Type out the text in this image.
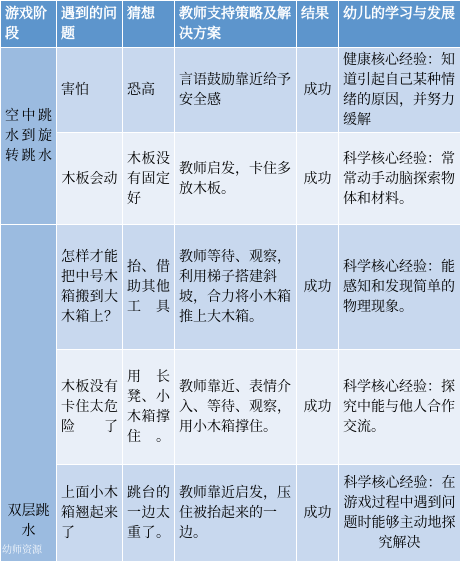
游戏阶段	遇到的问题	猜想	教师支持策略及解决方案	结果	幼儿的学习与发展
空中跳水到旋转跳水	害怕	恐高	言语鼓励靠近给予安全感	成功	健康核心经验：知道引起自己某种情绪的原因，并努力缓解
	木板会动	木板没有固定好	教师启发，卡住多放木板。	成功	科学核心经验：常常动手动脑探索物体和材料。
双层跳水	怎样才能把中号木箱搬到大木箱上？	抬、借助其他工具	教师等待、观察，利用梯子搭建斜坡，合力将小木箱推上大木箱。	成功	科学核心经验：能感知和发现简单的物理现象。
	木板没有卡住太危险了	用长凳、小木箱撑住。	教师靠近、表情介入、等待、观察，用小木箱撑住。	成功	科学核心经验：探究中能与他人合作交流。
	上面小木箱翘起来了	跳台的一边太重了。	教师靠近启发，压住被抬起来的一边。	成功	科学核心经验：在游戏过程中遇到问题时能够主动地探究解决
幼师资源
